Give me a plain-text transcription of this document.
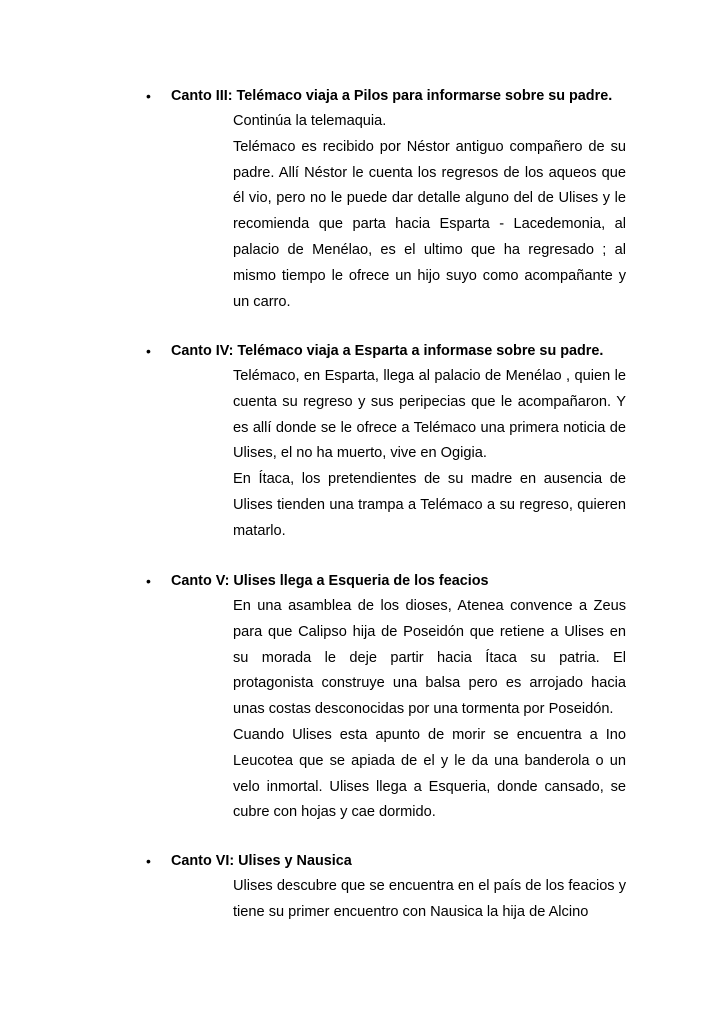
• Canto III: Telémaco viaja a Pilos para informarse sobre su padre.

Continúa la telemaquia.

Telémaco es recibido por Néstor antiguo compañero de su padre. Allí Néstor le cuenta los regresos de los aqueos que él vio, pero no le puede dar detalle alguno del de Ulises y le recomienda que parta hacia Esparta - Lacedemonia, al palacio de Menélao, es el ultimo que ha regresado ; al mismo tiempo le ofrece un hijo suyo como acompañante y un carro.

• Canto IV: Telémaco viaja a Esparta a informase sobre su padre.

Telémaco, en Esparta, llega al palacio de Menélao , quien le cuenta su regreso y sus peripecias que le acompañaron. Y es allí donde se le ofrece a Telémaco una primera noticia de Ulises, el no ha muerto, vive en Ogigia.

En Ítaca, los pretendientes de su madre en ausencia de Ulises tienden una trampa a Telémaco a su regreso, quieren matarlo.

• Canto V: Ulises llega a Esqueria de los feacios

En una asamblea de los dioses, Atenea convence a Zeus para que Calipso hija de Poseidón que retiene a Ulises en su morada le deje partir hacia Ítaca su patria. El protagonista construye una balsa pero es arrojado hacia unas costas desconocidas por una tormenta por Poseidón.

Cuando Ulises esta apunto de morir se encuentra a Ino Leucotea que se apiada de el y le da una banderola o un velo inmortal. Ulises llega a Esqueria, donde cansado, se cubre con hojas y cae dormido.

• Canto VI: Ulises y Nausica

Ulises descubre que se encuentra en el país de los feacios y tiene su primer encuentro con Nausica la hija de Alcino
